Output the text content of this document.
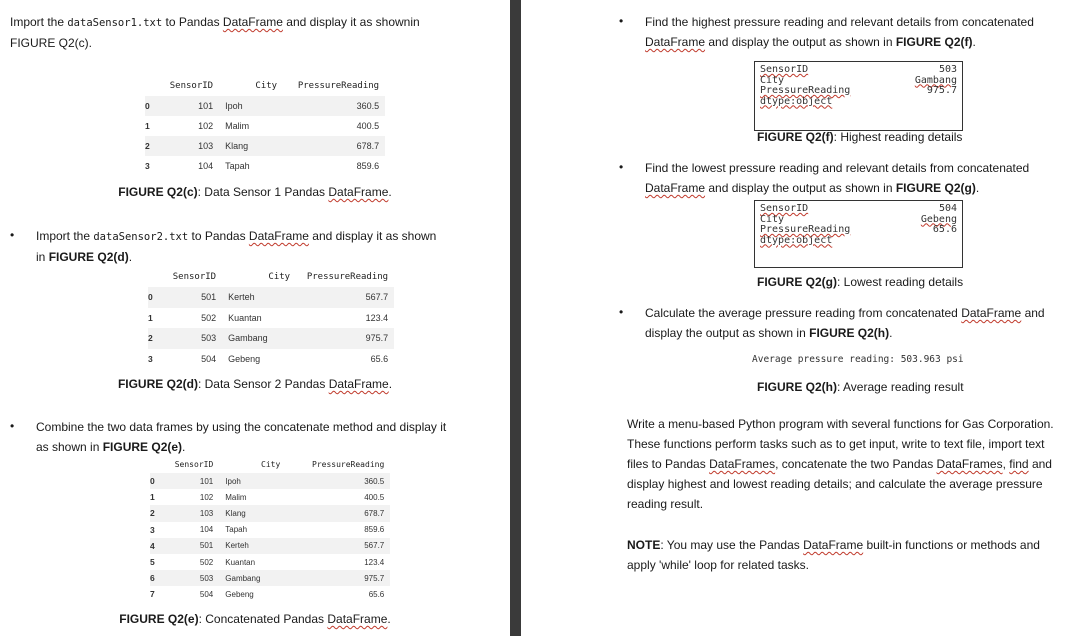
Import the dataSensor1.txt to Pandas DataFrame and display it as shownin
FIGURE Q2(c).
	SensorID	City	PressureReading
0	101	Ipoh	360.5
1	102	Malim	400.5
2	103	Klang	678.7
3	104	Tapah	859.6
FIGURE Q2(c): Data Sensor 1 Pandas DataFrame.
• Import the dataSensor2.txt to Pandas DataFrame and display it as shown
in FIGURE Q2(d).
	SensorID	City	PressureReading
0	501	Kerteh	567.7
1	502	Kuantan	123.4
2	503	Gambang	975.7
3	504	Gebeng	65.6
FIGURE Q2(d): Data Sensor 2 Pandas DataFrame.
• Combine the two data frames by using the concatenate method and display it
as shown in FIGURE Q2(e).
	SensorID	City	PressureReading
0	101	Ipoh	360.5
1	102	Malim	400.5
2	103	Klang	678.7
3	104	Tapah	859.6
4	501	Kerteh	567.7
5	502	Kuantan	123.4
6	503	Gambang	975.7
7	504	Gebeng	65.6
FIGURE Q2(e): Concatenated Pandas DataFrame.
• Find the highest pressure reading and relevant details from concatenated
DataFrame and display the output as shown in FIGURE Q2(f).
SensorID	503
City	Gambang
PressureReading	975.7
dtype:object
FIGURE Q2(f): Highest reading details
• Find the lowest pressure reading and relevant details from concatenated
DataFrame and display the output as shown in FIGURE Q2(g).
SensorID	504
City	Gebeng
PressureReading	65.6
dtype:object
FIGURE Q2(g): Lowest reading details
• Calculate the average pressure reading from concatenated DataFrame and
display the output as shown in FIGURE Q2(h).
Average pressure reading: 503.963 psi
FIGURE Q2(h): Average reading result
Write a menu-based Python program with several functions for Gas Corporation.
These functions perform tasks such as to get input, write to text file, import text
files to Pandas DataFrames, concatenate the two Pandas DataFrames, find and
display highest and lowest reading details; and calculate the average pressure
reading result.
NOTE: You may use the Pandas DataFrame built-in functions or methods and
apply 'while' loop for related tasks.
